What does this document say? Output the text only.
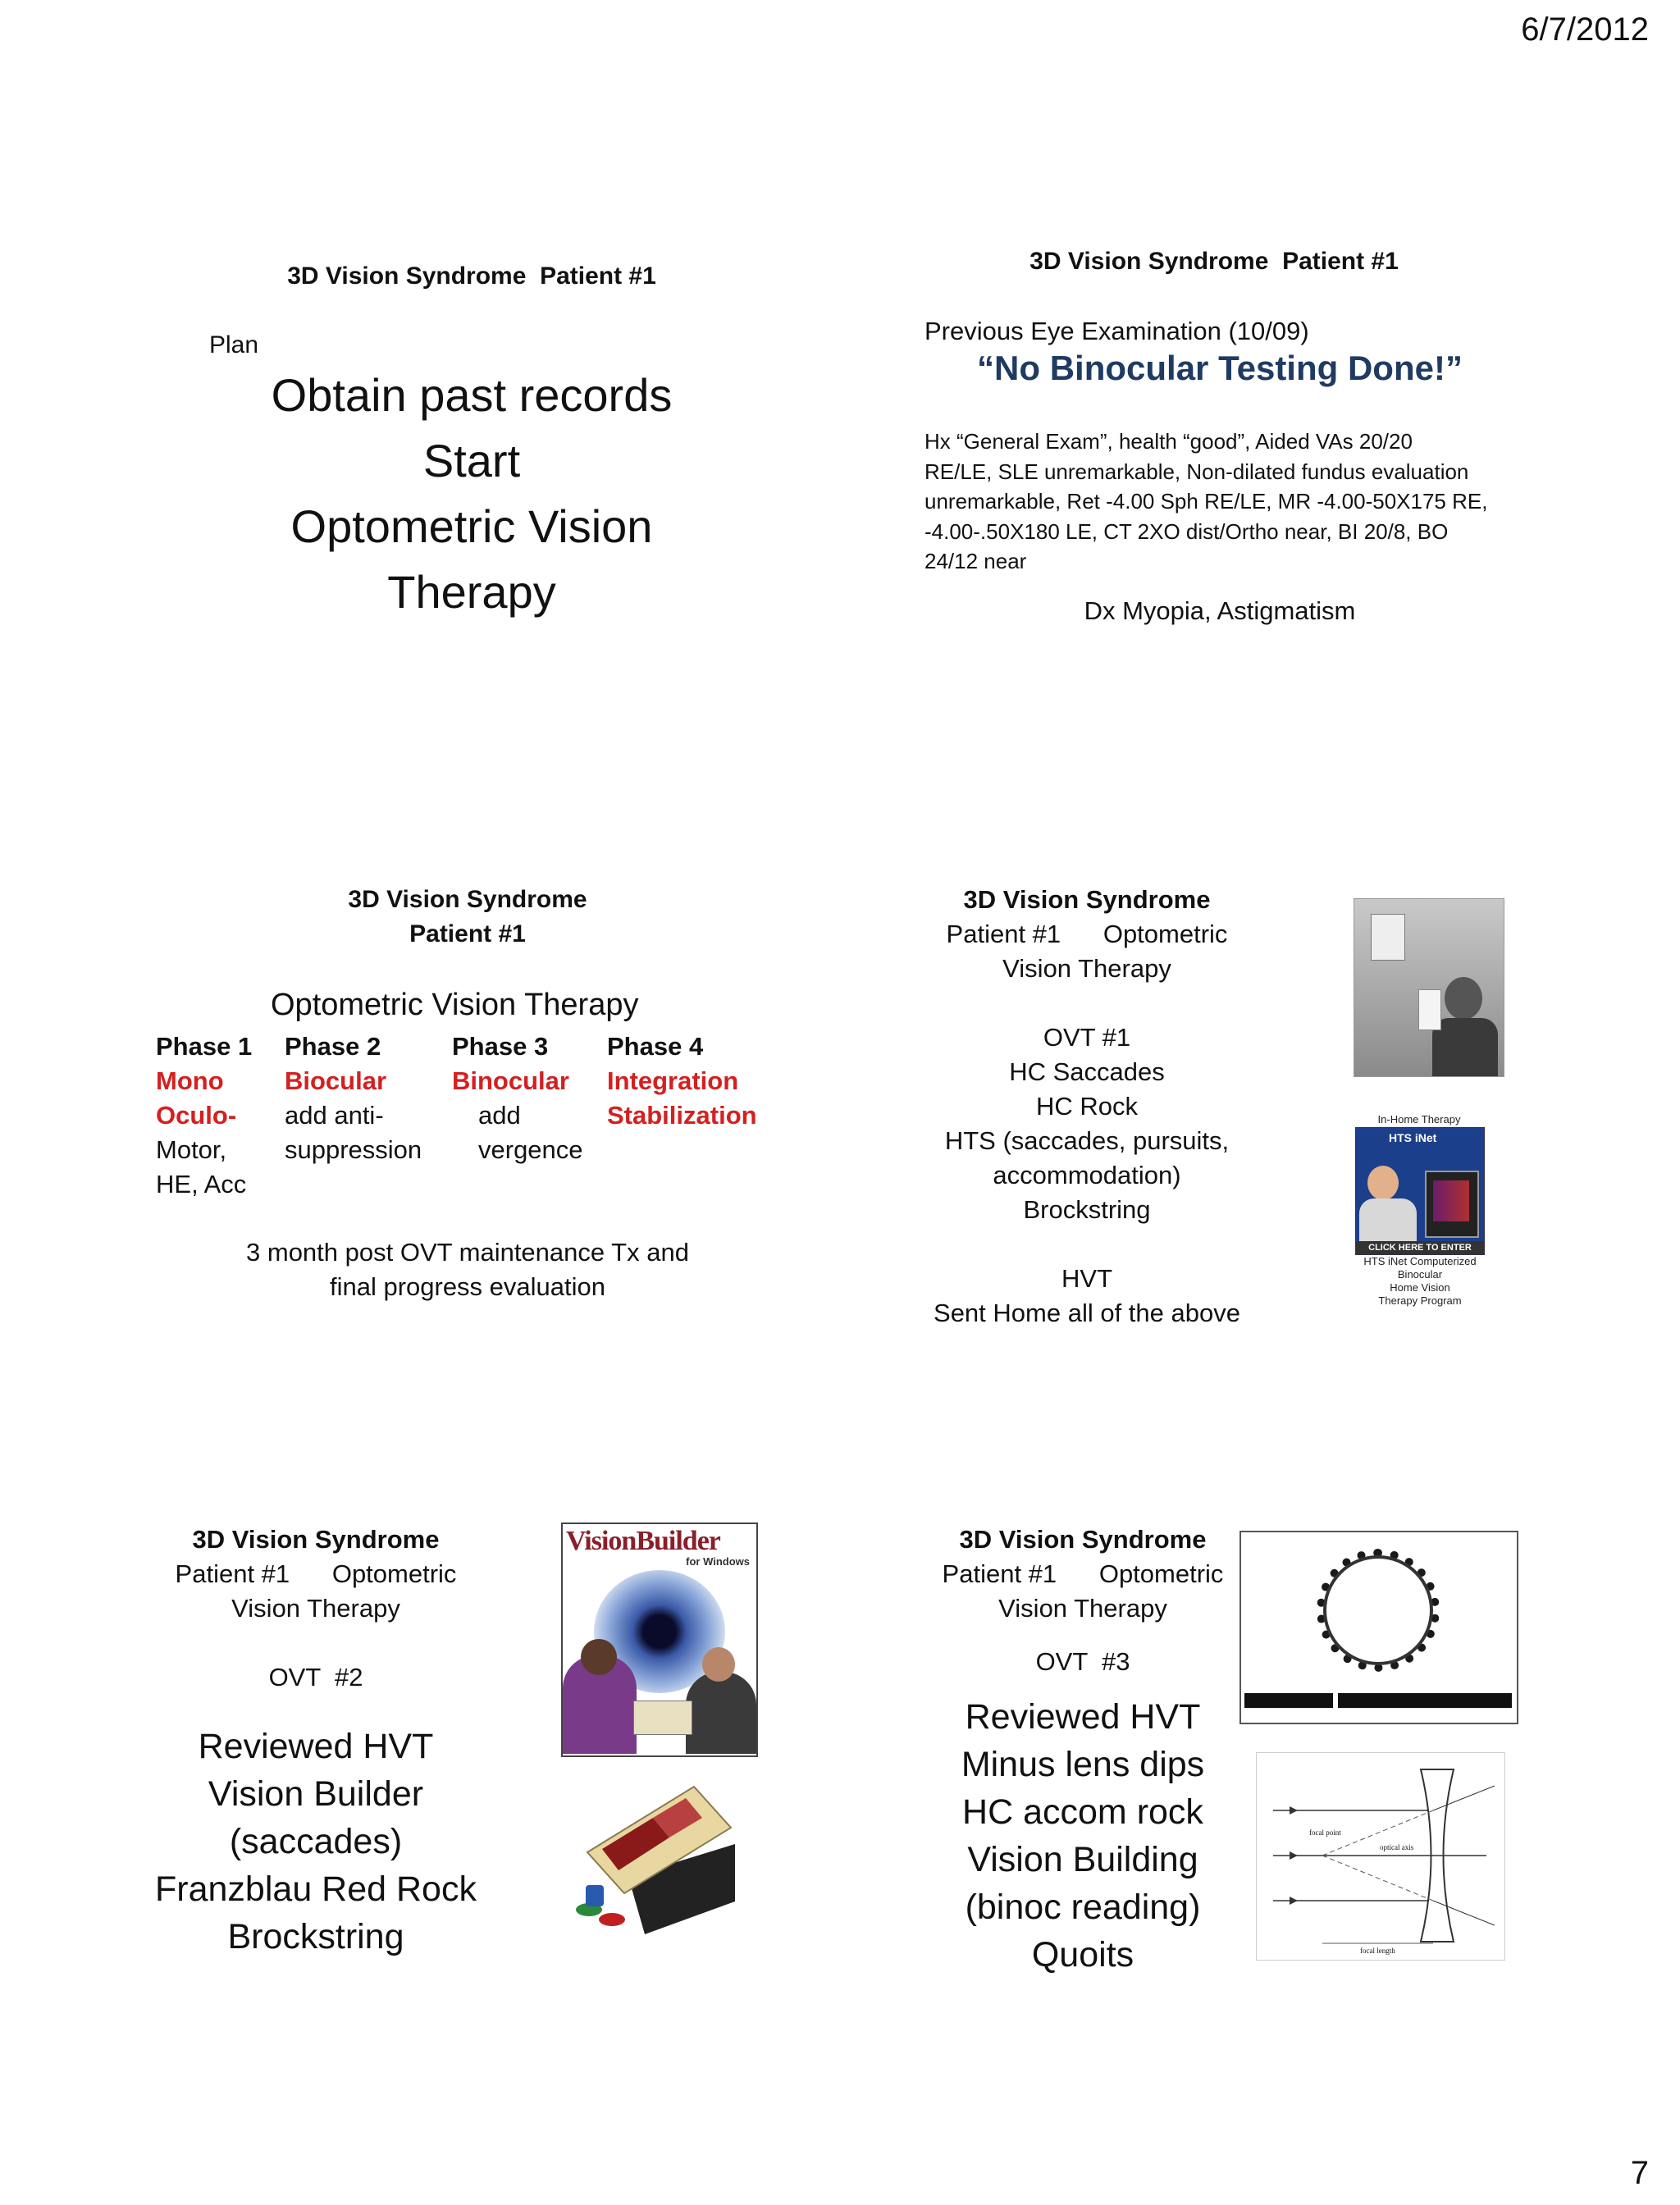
6/7/2012
3D Vision Syndrome  Patient #1
Plan
Obtain past records
Start
Optometric Vision
Therapy
3D Vision Syndrome  Patient #1
Previous Eye Examination (10/09)
“No Binocular Testing Done!”
Hx “General Exam”, health “good”, Aided VAs 20/20
RE/LE, SLE unremarkable, Non-dilated fundus evaluation
unremarkable, Ret -4.00 Sph RE/LE, MR -4.00-50X175 RE,
-4.00-.50X180 LE, CT 2XO dist/Ortho near, BI 20/8, BO
24/12 near
Dx Myopia, Astigmatism
3D Vision Syndrome
Patient #1
Optometric Vision Therapy
Phase 1
Mono
Oculo-
Motor,
HE, Acc
Phase 2
Biocular
add anti-
suppression
Phase 3
Binocular
add
vergence
Phase 4
Integration
Stabilization
3 month post OVT maintenance Tx and
final progress evaluation
3D Vision Syndrome
Patient #1      Optometric
Vision Therapy
OVT #1
HC Saccades
HC Rock
HTS (saccades, pursuits,
accommodation)
Brockstring
HVT
Sent Home all of the above
In-Home Therapy
HTS iNet
CLICK HERE TO ENTER
HTS iNet Computerized
Binocular
Home Vision
Therapy Program
3D Vision Syndrome
Patient #1      Optometric
Vision Therapy
OVT  #2
Reviewed HVT
Vision Builder
(saccades)
Franzblau Red Rock
Brockstring
VisionBuilder
for Windows
3D Vision Syndrome
Patient #1      Optometric
Vision Therapy
OVT  #3
Reviewed HVT
Minus lens dips
HC accom rock
Vision Building
(binoc reading)
Quoits
focal point
optical axis
focal length
7
